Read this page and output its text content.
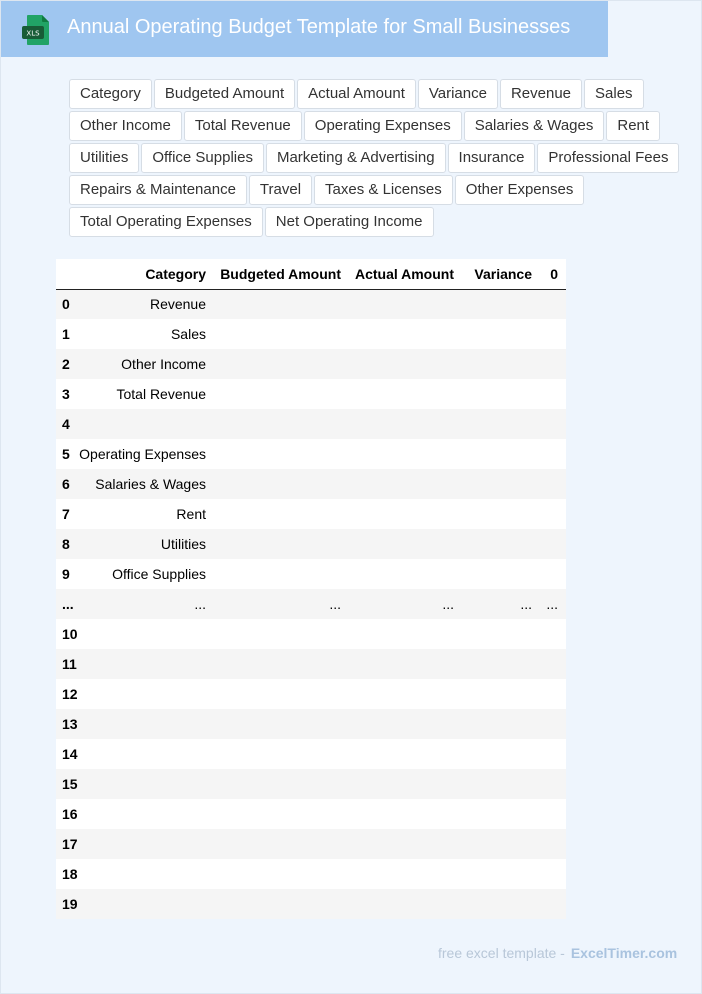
XLS Annual Operating Budget Template for Small Businesses
Category	Budgeted Amount	Actual Amount	Variance	Revenue	Sales
Other Income	Total Revenue	Operating Expenses	Salaries & Wages	Rent
Utilities	Office Supplies	Marketing & Advertising	Insurance	Professional Fees
Repairs & Maintenance	Travel	Taxes & Licenses	Other Expenses
Total Operating Expenses	Net Operating Income
	Category	Budgeted Amount	Actual Amount	Variance	0
0	Revenue				
1	Sales				
2	Other Income				
3	Total Revenue				
4					
5	Operating Expenses				
6	Salaries & Wages				
7	Rent				
8	Utilities				
9	Office Supplies				
...	...	...	...	...	...
10					
11					
12					
13					
14					
15					
16					
17					
18					
19					
free excel template - ExcelTimer.com
